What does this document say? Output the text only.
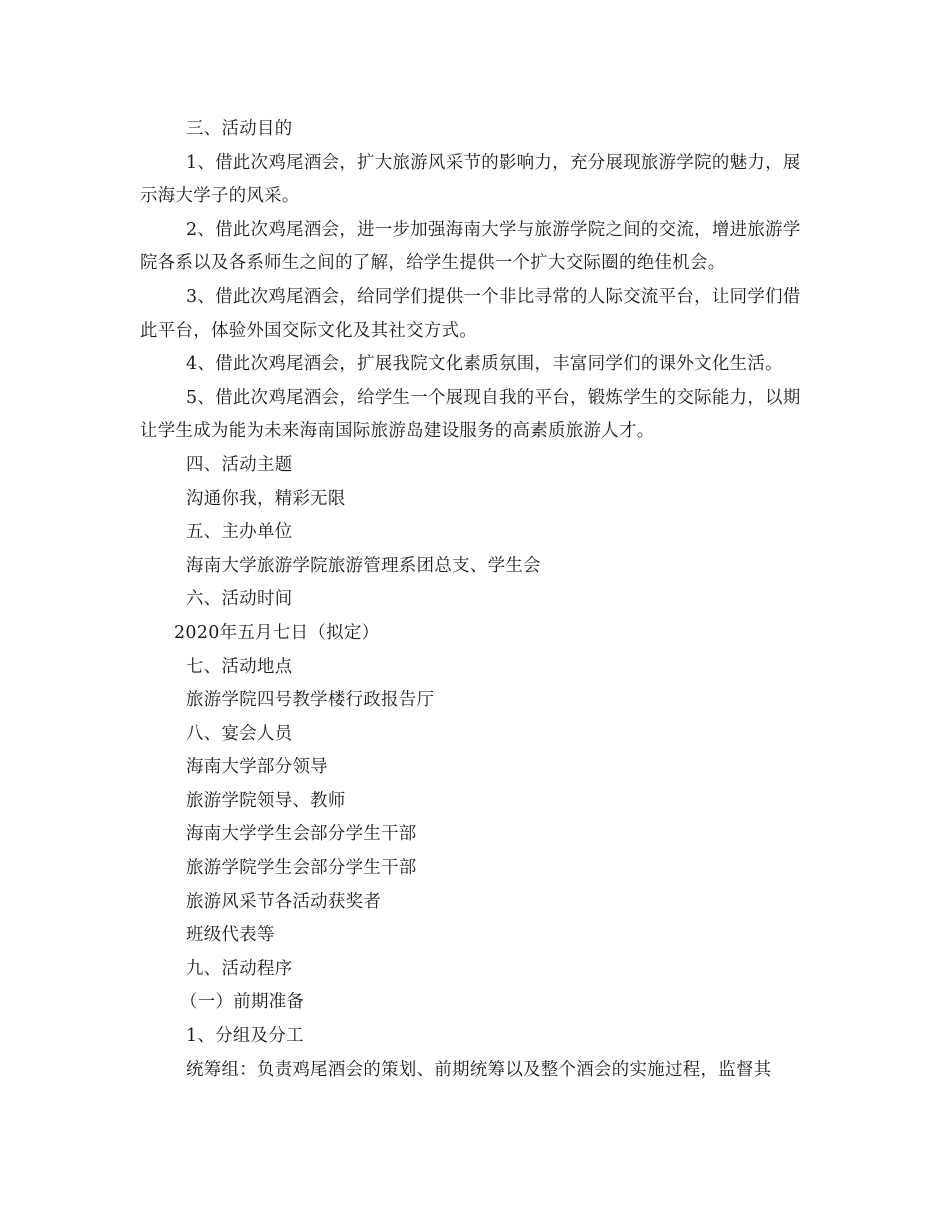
三、活动目的

1、借此次鸡尾酒会，扩大旅游风采节的影响力，充分展现旅游学院的魅力，展示海大学子的风采。

2、借此次鸡尾酒会，进一步加强海南大学与旅游学院之间的交流，增进旅游学院各系以及各系师生之间的了解，给学生提供一个扩大交际圈的绝佳机会。

3、借此次鸡尾酒会，给同学们提供一个非比寻常的人际交流平台，让同学们借此平台，体验外国交际文化及其社交方式。

4、借此次鸡尾酒会，扩展我院文化素质氛围，丰富同学们的课外文化生活。

5、借此次鸡尾酒会，给学生一个展现自我的平台，锻炼学生的交际能力，以期让学生成为能为未来海南国际旅游岛建设服务的高素质旅游人才。

四、活动主题

沟通你我，精彩无限

五、主办单位

海南大学旅游学院旅游管理系团总支、学生会

六、活动时间

2020年五月七日（拟定）

七、活动地点

旅游学院四号教学楼行政报告厅

八、宴会人员

海南大学部分领导

旅游学院领导、教师

海南大学学生会部分学生干部

旅游学院学生会部分学生干部

旅游风采节各活动获奖者

班级代表等

九、活动程序

（一）前期准备

1、分组及分工

统筹组：负责鸡尾酒会的策划、前期统筹以及整个酒会的实施过程，监督其
